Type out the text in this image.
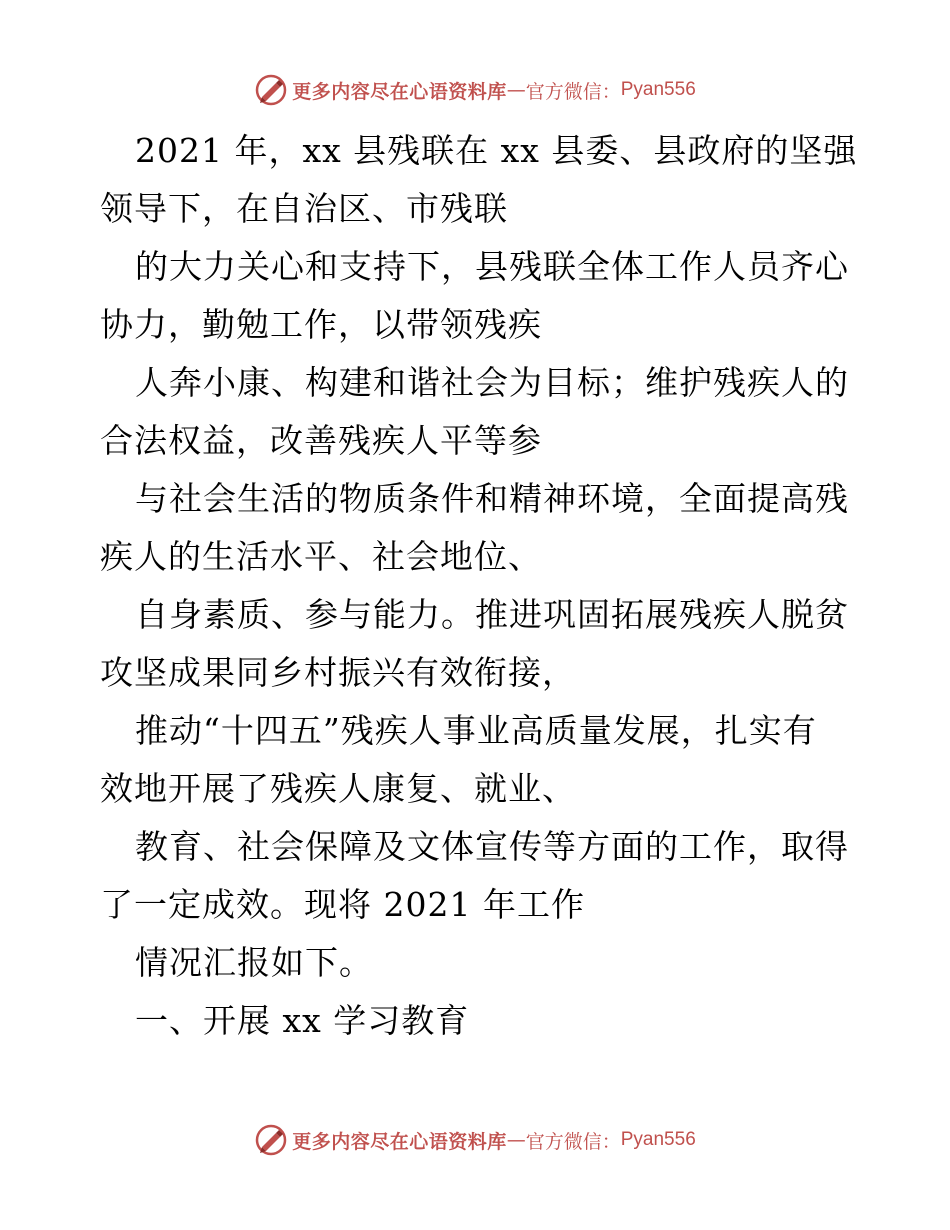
更多内容尽在心语资料库 — 官方微信： Pyan556
2021 年，xx 县残联在 xx 县委、县政府的坚强
领导下，在自治区、市残联
的大力关心和支持下，县残联全体工作人员齐心
协力，勤勉工作，以带领残疾
人奔小康、构建和谐社会为目标；维护残疾人的
合法权益，改善残疾人平等参
与社会生活的物质条件和精神环境，全面提高残
疾人的生活水平、社会地位、
自身素质、参与能力。推进巩固拓展残疾人脱贫
攻坚成果同乡村振兴有效衔接，
推动“十四五”残疾人事业高质量发展，扎实有
效地开展了残疾人康复、就业、
教育、社会保障及文体宣传等方面的工作，取得
了一定成效。现将 2021 年工作
情况汇报如下。
一、开展 xx 学习教育
更多内容尽在心语资料库 — 官方微信： Pyan556
